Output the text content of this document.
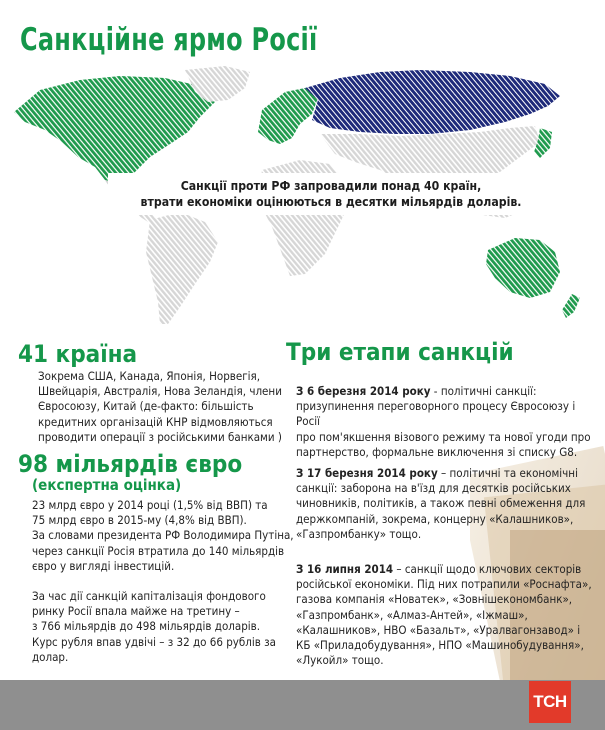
Санкційне ярмо Росії
Санкції проти РФ запровадили понад 40 країн,
втрати економіки оцінюються в десятки мільярдів доларів.
41 країна
Зокрема США, Канада, Японія, Норвегія,
Швейцарія, Австралія, Нова Зеландія, члени
Євросоюзу, Китай (де-факто: більшість
кредитних організацій КНР відмовляються
проводити операції з російськими банками )
98 мільярдів євро
(експертна оцінка)
23 млрд євро у 2014 році (1,5% від ВВП) та
75 млрд євро в 2015-му (4,8% від ВВП).
За словами президента РФ Володимира Путіна,
через санкції Росія втратила до 140 мільярдів
євро у вигляді інвестицій.
За час дії санкцій капіталізація фондового
ринку Росії впала майже на третину –
з 766 мільярдів до 498 мільярдів доларів.
Курс рубля впав удвічі – з 32 до 66 рублів за
долар.
Три етапи санкцій
З 6 березня 2014 року - політичні санкції:
призупинення переговорного процесу Євросоюзу і Росії
про пом'якшення візового режиму та нової угоди про
партнерство, формальне виключення зі списку G8.
З 17 березня 2014 року – політичні та економічні
санкції: заборона на в'їзд для десятків російських
чиновників, політиків, а також певні обмеження для
держкомпаній, зокрема, концерну «Калашников»,
«Газпромбанку» тощо.
З 16 липня 2014 – санкції щодо ключових секторів
російської економіки. Під них потрапили «Роснафта»,
газова компанія «Новатек», «Зовнішекономбанк»,
«Газпромбанк», «Алмаз-Антей», «Іжмаш»,
«Калашников», НВО «Базальт», «Уралвагонзавод» і
КБ «Приладобудування», НПО «Машинобудування»,
«Лукойл» тощо.
ТСН
